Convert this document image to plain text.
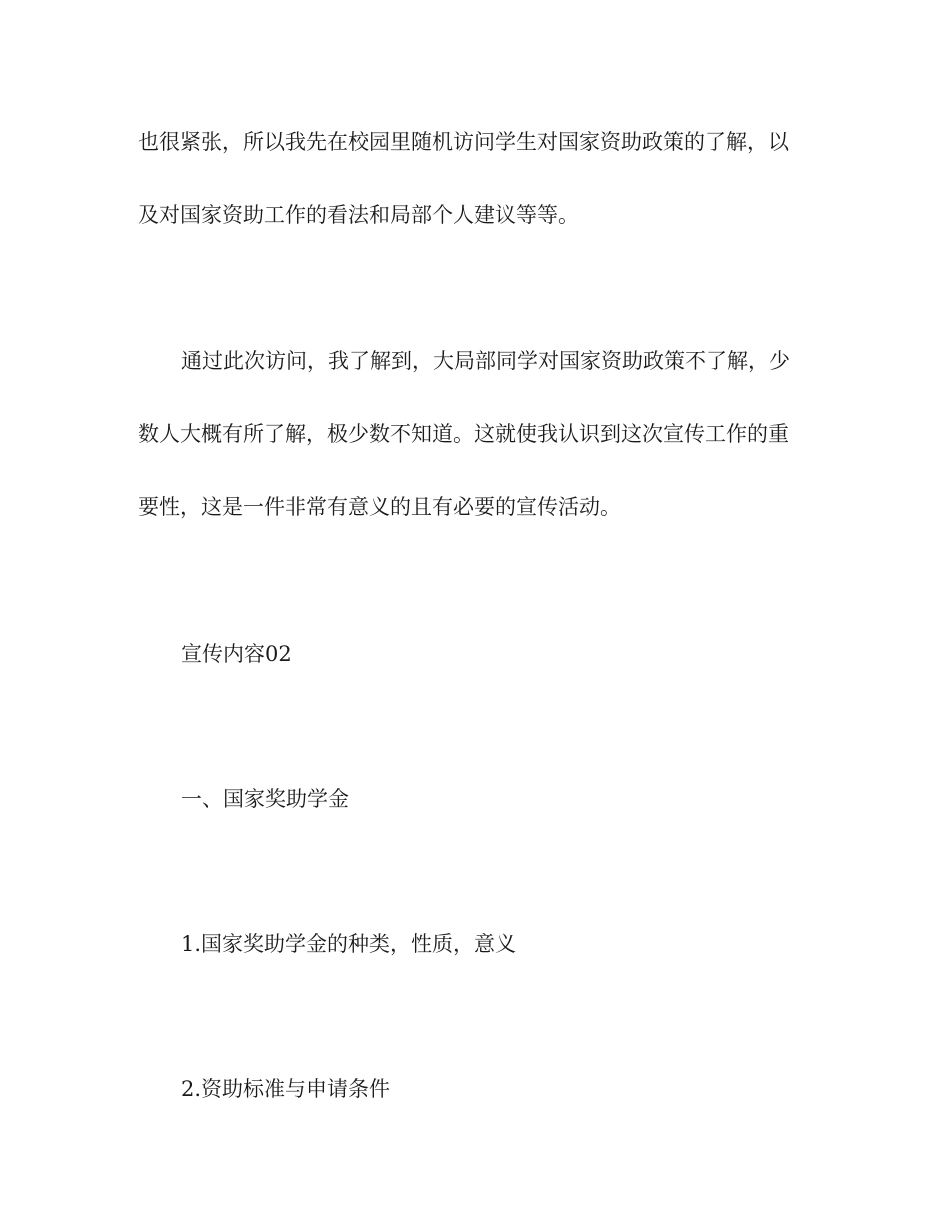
也很紧张，所以我先在校园里随机访问学生对国家资助政策的了解，以
及对国家资助工作的看法和局部个人建议等等。
通过此次访问，我了解到，大局部同学对国家资助政策不了解，少
数人大概有所了解，极少数不知道。这就使我认识到这次宣传工作的重
要性，这是一件非常有意义的且有必要的宣传活动。
宣传内容02
一、国家奖助学金
1.国家奖助学金的种类，性质，意义
2.资助标准与申请条件
